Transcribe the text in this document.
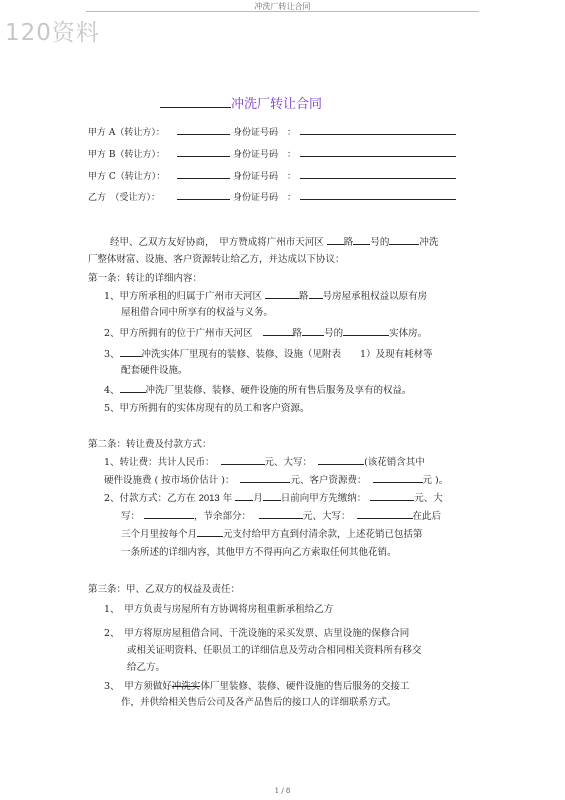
冲洗厂转让合同
120资料
冲洗厂转让合同
甲方 A（转让方）：	身份证号码　：
甲方 B（转让方）：	身份证号码　：
甲方 C（转让方）：	身份证号码　：
乙方　（受让方）：	身份证号码　：
经甲、乙双方友好协商，　甲方赞成将广州市天河区 路 号的	冲洗
厂整体财富、设施、客户资源转让给乙方，并达成以下协议：
第一条：转让的详细内容：
1、甲方所承租的归属于广州市天河区	路 号房屋承租权益以原有房
屋租借合同中所享有的权益与义务。
2、甲方所拥有的位于广州市天河区	路 号的	实体房。
3、 冲洗实体厂里现有的装修、装修、设施（见附表　　1）及现有耗材等
配套硬件设施。
4、	冲洗厂里装修、装修、硬件设施的所有售后服务及享有的权益。
5、甲方所拥有的实体房现有的员工和客户资源。
第二条：转让费及付款方式：
1、转让费：共计人民币：	元、大写：	(该花销含其中
硬件设施费 ( 按市场价估计 )：	元、客户资源费：	元 )。
2、付款方式：乙方在 2013 年 月 日前向甲方先缴纳：	元、大
写：	，节余部分：	元、大写：	在此后
三个月里按每个月	元支付给甲方直到付清余款，上述花销已包括第
一条所述的详细内容，其他甲方不得再向乙方索取任何其他花销。
第三条：甲、乙双方的权益及责任：
1、　甲方负责与房屋所有方协调将房租重新承租给乙方
2、　甲方将原房屋租借合同、干洗设施的采买发票、店里设施的保修合同
或相关证明资料、任职员工的详细信息及劳动合相同相关资料所有移交
给乙方。
3、　甲方须做好冲洗实体厂里装修、装修、硬件设施的售后服务的交接工
作，并供给相关售后公司及各产品售后的接口人的详细联系方式。
1 / 8
